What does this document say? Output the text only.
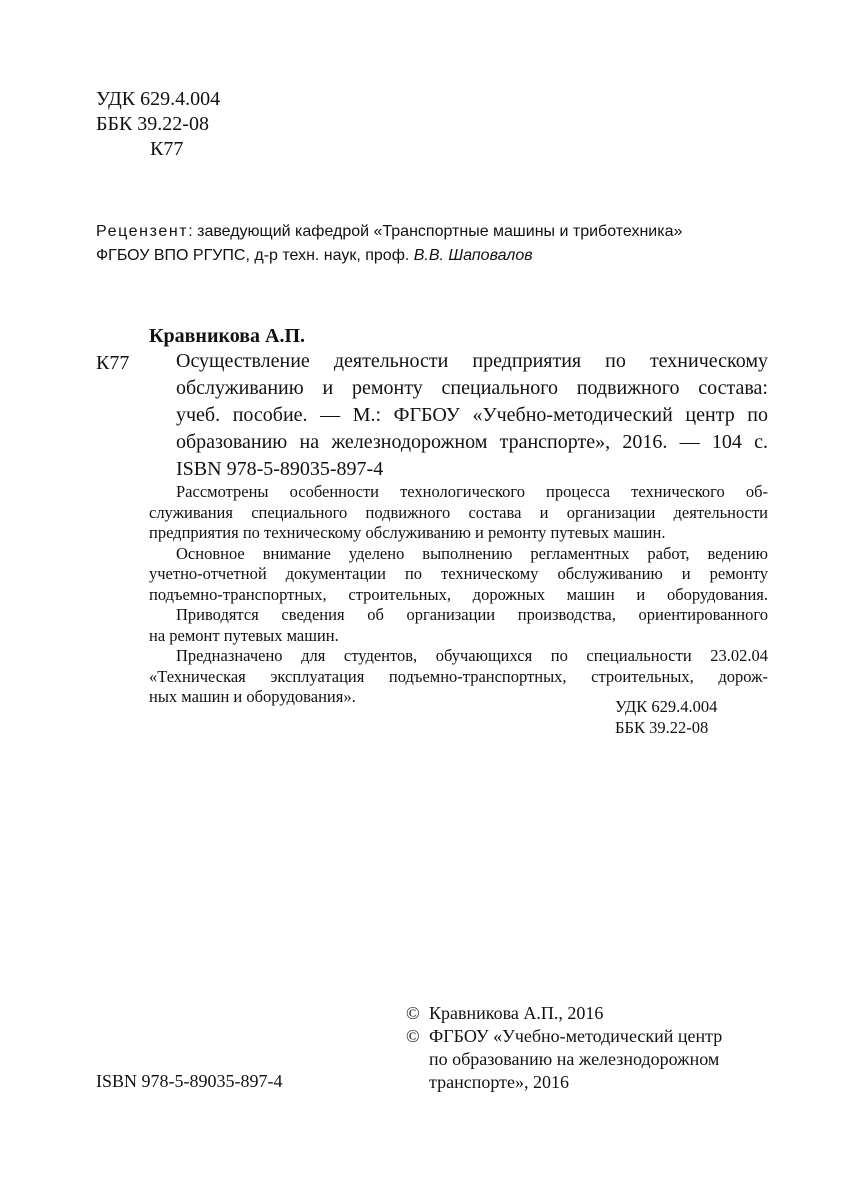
УДК 629.4.004
ББК 39.22-08
К77
Рецензент: заведующий кафедрой «Транспортные машины и триботехника»
ФГБОУ ВПО РГУПС, д-р техн. наук, проф. В.В. Шаповалов
Кравникова А.П.
К77 Осуществление деятельности предприятия по техническому
обслуживанию и ремонту специального подвижного состава:
учеб. пособие. — М.: ФГБОУ «Учебно-методический центр по
образованию на железнодорожном транспорте», 2016. — 104 с.
ISBN 978-5-89035-897-4
Рассмотрены особенности технологического процесса технического об-
служивания специального подвижного состава и организации деятельности
предприятия по техническому обслуживанию и ремонту путевых машин.
Основное внимание уделено выполнению регламентных работ, ведению
учетно-отчетной документации по техническому обслуживанию и ремонту
подъемно-транспортных, строительных, дорожных машин и оборудования.
Приводятся сведения об организации производства, ориентированного
на ремонт путевых машин.
Предназначено для студентов, обучающихся по специальности 23.02.04
«Техническая эксплуатация подъемно-транспортных, строительных, дорож-
ных машин и оборудования».
УДК 629.4.004
ББК 39.22-08
© Кравникова А.П., 2016
© ФГБОУ «Учебно-методический центр
по образованию на железнодорожном
транспорте», 2016
ISBN 978-5-89035-897-4
